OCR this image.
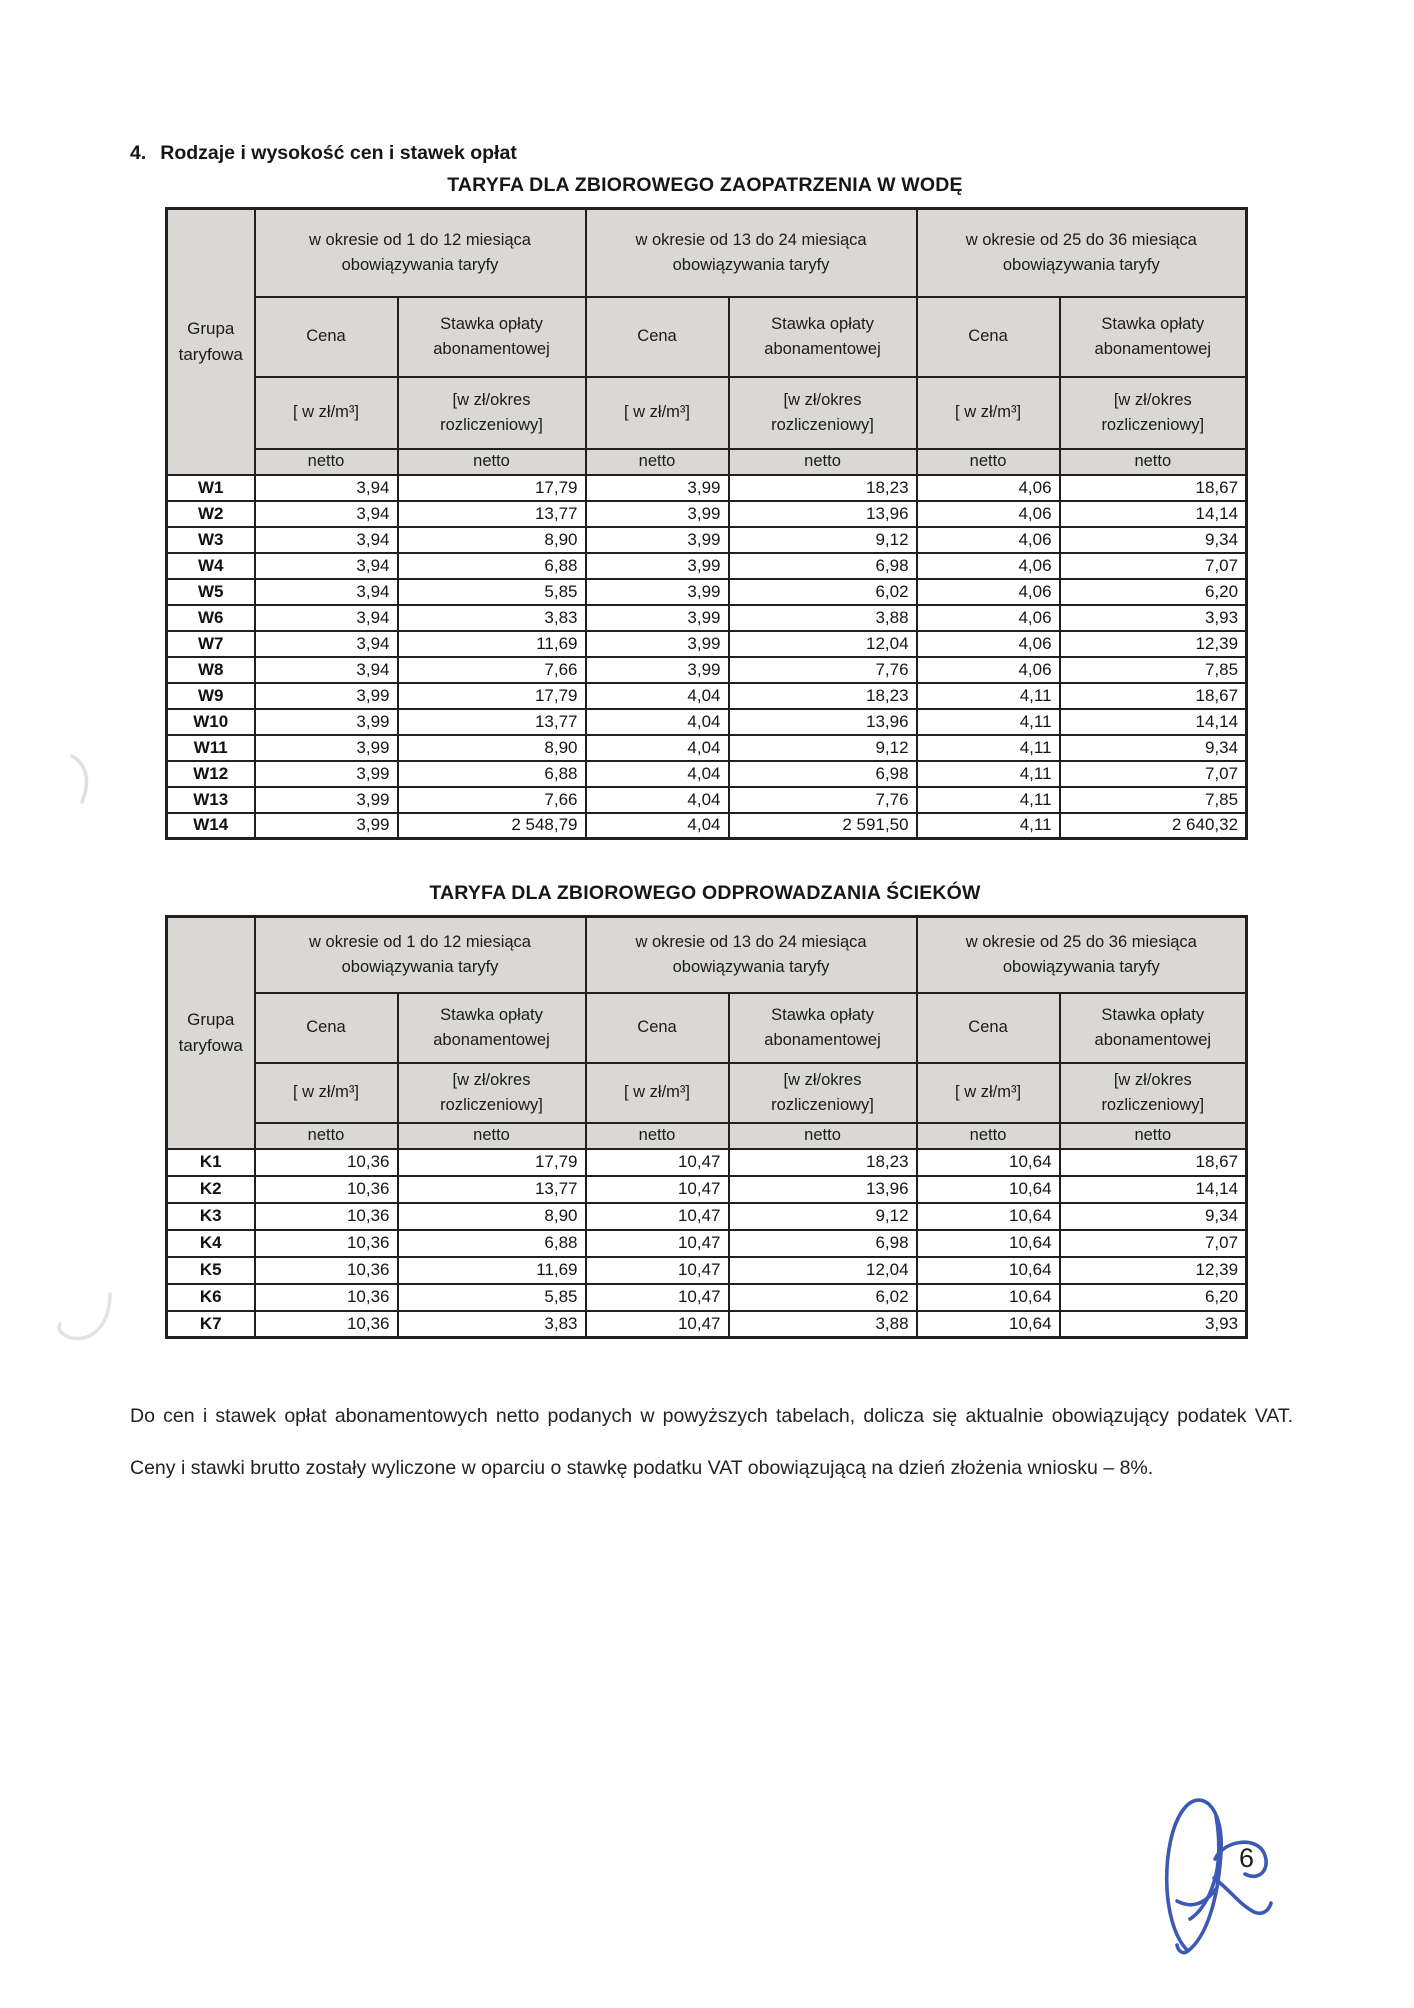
4. Rodzaje i wysokość cen i stawek opłat
TARYFA DLA ZBIOROWEGO ZAOPATRZENIA W WODĘ
Grupa taryfowa	w okresie od 1 do 12 miesiąca obowiązywania taryfy		w okresie od 13 do 24 miesiąca obowiązywania taryfy		w okresie od 25 do 36 miesiąca obowiązywania taryfy	
	Cena	Stawka opłaty abonamentowej	Cena	Stawka opłaty abonamentowej	Cena	Stawka opłaty abonamentowej
	[ w zł/m³]	[w zł/okres rozliczeniowy]	[ w zł/m³]	[w zł/okres rozliczeniowy]	[ w zł/m³]	[w zł/okres rozliczeniowy]
	netto	netto	netto	netto	netto	netto
W1	3,94	17,79	3,99	18,23	4,06	18,67
W2	3,94	13,77	3,99	13,96	4,06	14,14
W3	3,94	8,90	3,99	9,12	4,06	9,34
W4	3,94	6,88	3,99	6,98	4,06	7,07
W5	3,94	5,85	3,99	6,02	4,06	6,20
W6	3,94	3,83	3,99	3,88	4,06	3,93
W7	3,94	11,69	3,99	12,04	4,06	12,39
W8	3,94	7,66	3,99	7,76	4,06	7,85
W9	3,99	17,79	4,04	18,23	4,11	18,67
W10	3,99	13,77	4,04	13,96	4,11	14,14
W11	3,99	8,90	4,04	9,12	4,11	9,34
W12	3,99	6,88	4,04	6,98	4,11	7,07
W13	3,99	7,66	4,04	7,76	4,11	7,85
W14	3,99	2 548,79	4,04	2 591,50	4,11	2 640,32
TARYFA DLA ZBIOROWEGO ODPROWADZANIA ŚCIEKÓW
Grupa taryfowa	w okresie od 1 do 12 miesiąca obowiązywania taryfy		w okresie od 13 do 24 miesiąca obowiązywania taryfy		w okresie od 25 do 36 miesiąca obowiązywania taryfy	
	Cena	Stawka opłaty abonamentowej	Cena	Stawka opłaty abonamentowej	Cena	Stawka opłaty abonamentowej
	[ w zł/m³]	[w zł/okres rozliczeniowy]	[ w zł/m³]	[w zł/okres rozliczeniowy]	[ w zł/m³]	[w zł/okres rozliczeniowy]
	netto	netto	netto	netto	netto	netto
K1	10,36	17,79	10,47	18,23	10,64	18,67
K2	10,36	13,77	10,47	13,96	10,64	14,14
K3	10,36	8,90	10,47	9,12	10,64	9,34
K4	10,36	6,88	10,47	6,98	10,64	7,07
K5	10,36	11,69	10,47	12,04	10,64	12,39
K6	10,36	5,85	10,47	6,02	10,64	6,20
K7	10,36	3,83	10,47	3,88	10,64	3,93

Do cen i stawek opłat abonamentowych netto podanych w powyższych tabelach, dolicza się aktualnie obowiązujący podatek VAT. Ceny i stawki brutto zostały wyliczone w oparciu o stawkę podatku VAT obowiązującą na dzień złożenia wniosku – 8%.

6
